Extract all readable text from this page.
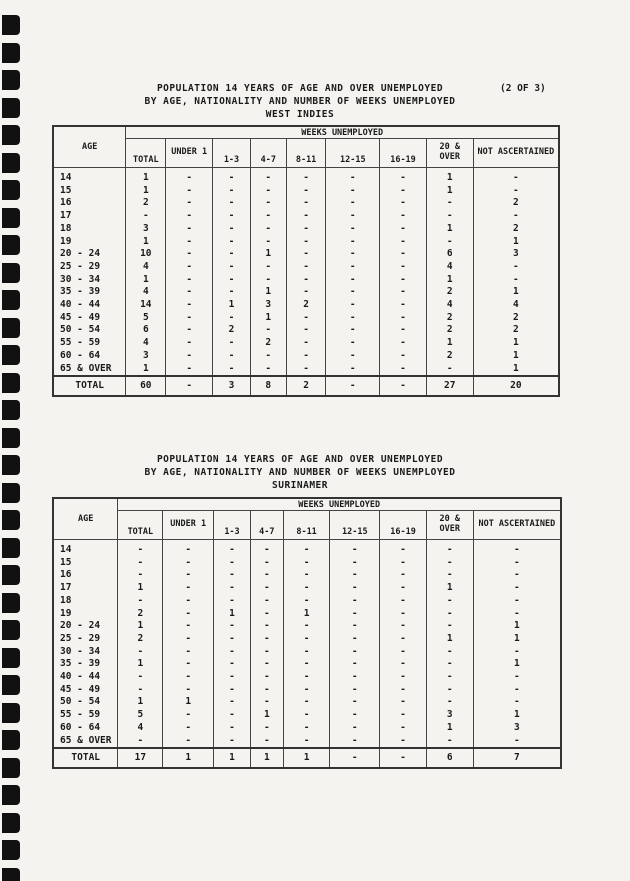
(2 OF 3)
POPULATION 14 YEARS OF AGE AND OVER UNEMPLOYED
BY AGE, NATIONALITY AND NUMBER OF WEEKS UNEMPLOYED
WEST INDIES
AGE	WEEKS UNEMPLOYED								
	TOTAL	UNDER 1	1-3	4-7	8-11	12-15	16-19	20 & OVER	NOT ASCERTAINED
14	1	-	-	-	-	-	-	1	-
15	1	-	-	-	-	-	-	1	-
16	2	-	-	-	-	-	-	-	2
17	-	-	-	-	-	-	-	-	-
18	3	-	-	-	-	-	-	1	2
19	1	-	-	-	-	-	-	-	1
20 - 24	10	-	-	1	-	-	-	6	3
25 - 29	4	-	-	-	-	-	-	4	-
30 - 34	1	-	-	-	-	-	-	1	-
35 - 39	4	-	-	1	-	-	-	2	1
40 - 44	14	-	1	3	2	-	-	4	4
45 - 49	5	-	-	1	-	-	-	2	2
50 - 54	6	-	2	-	-	-	-	2	2
55 - 59	4	-	-	2	-	-	-	1	1
60 - 64	3	-	-	-	-	-	-	2	1
65 & OVER	1	-	-	-	-	-	-	-	1
TOTAL	60	-	3	8	2	-	-	27	20
POPULATION 14 YEARS OF AGE AND OVER UNEMPLOYED
BY AGE, NATIONALITY AND NUMBER OF WEEKS UNEMPLOYED
SURINAMER
AGE	WEEKS UNEMPLOYED								
	TOTAL	UNDER 1	1-3	4-7	8-11	12-15	16-19	20 & OVER	NOT ASCERTAINED
14	-	-	-	-	-	-	-	-	-
15	-	-	-	-	-	-	-	-	-
16	-	-	-	-	-	-	-	-	-
17	1	-	-	-	-	-	-	1	-
18	-	-	-	-	-	-	-	-	-
19	2	-	1	-	1	-	-	-	-
20 - 24	1	-	-	-	-	-	-	-	1
25 - 29	2	-	-	-	-	-	-	1	1
30 - 34	-	-	-	-	-	-	-	-	-
35 - 39	1	-	-	-	-	-	-	-	1
40 - 44	-	-	-	-	-	-	-	-	-
45 - 49	-	-	-	-	-	-	-	-	-
50 - 54	1	1	-	-	-	-	-	-	-
55 - 59	5	-	-	1	-	-	-	3	1
60 - 64	4	-	-	-	-	-	-	1	3
65 & OVER	-	-	-	-	-	-	-	-	-
TOTAL	17	1	1	1	1	-	-	6	7
